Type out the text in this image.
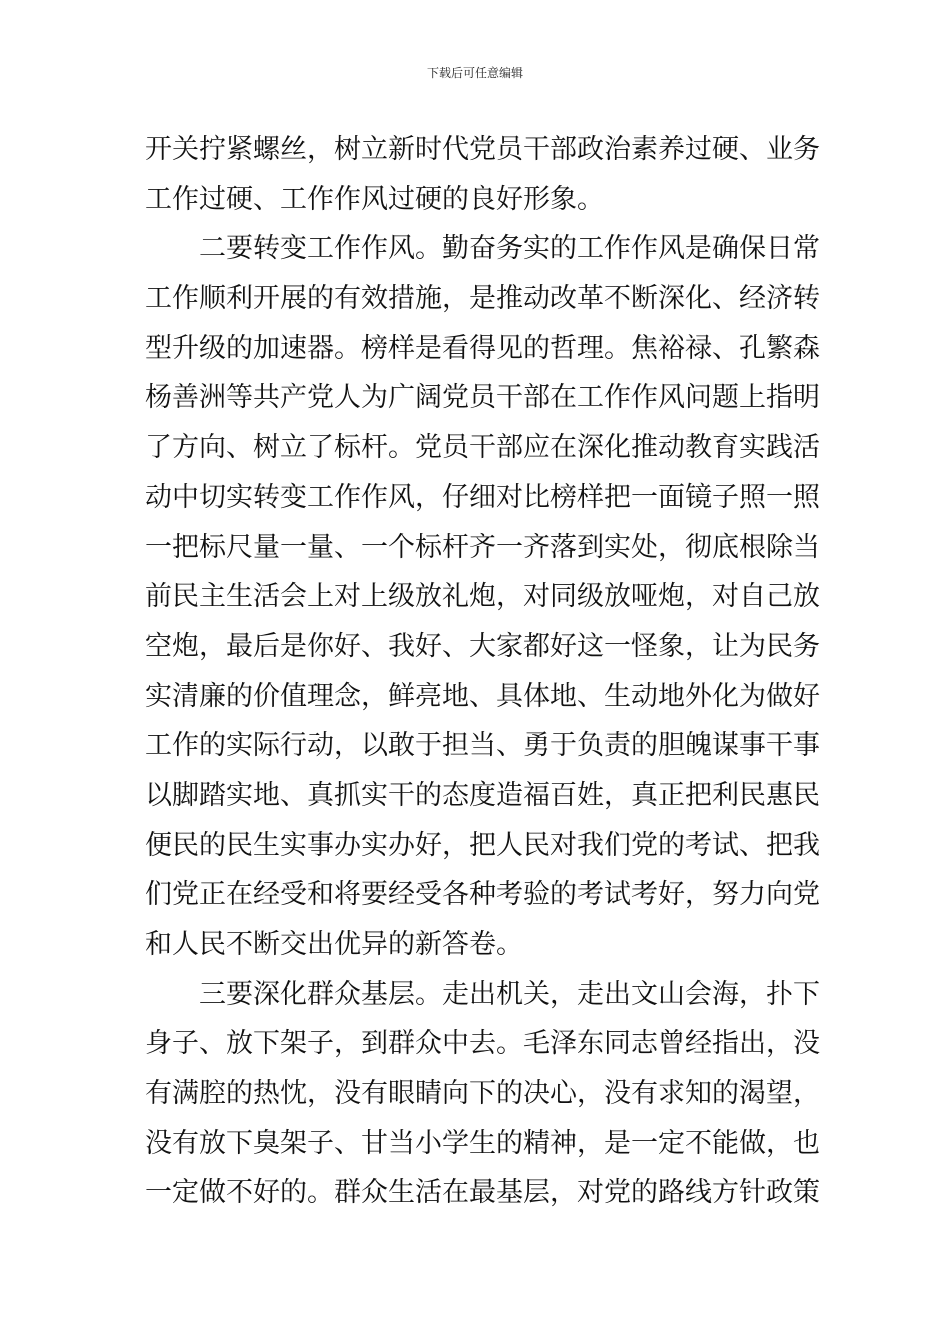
下载后可任意编辑
开关拧紧螺丝，树立新时代党员干部政治素养过硬、业务
工作过硬、工作作风过硬的良好形象。
二要转变工作作风。勤奋务实的工作作风是确保日常
工作顺利开展的有效措施，是推动改革不断深化、经济转
型升级的加速器。榜样是看得见的哲理。焦裕禄、孔繁森
杨善洲等共产党人为广阔党员干部在工作作风问题上指明
了方向、树立了标杆。党员干部应在深化推动教育实践活
动中切实转变工作作风，仔细对比榜样把一面镜子照一照
一把标尺量一量、一个标杆齐一齐落到实处，彻底根除当
前民主生活会上对上级放礼炮，对同级放哑炮，对自己放
空炮，最后是你好、我好、大家都好这一怪象，让为民务
实清廉的价值理念，鲜亮地、具体地、生动地外化为做好
工作的实际行动，以敢于担当、勇于负责的胆魄谋事干事
以脚踏实地、真抓实干的态度造福百姓，真正把利民惠民
便民的民生实事办实办好，把人民对我们党的考试、把我
们党正在经受和将要经受各种考验的考试考好，努力向党
和人民不断交出优异的新答卷。
三要深化群众基层。走出机关，走出文山会海，扑下
身子、放下架子，到群众中去。毛泽东同志曾经指出，没
有满腔的热忱，没有眼睛向下的决心，没有求知的渴望，
没有放下臭架子、甘当小学生的精神，是一定不能做，也
一定做不好的。群众生活在最基层，对党的路线方针政策
